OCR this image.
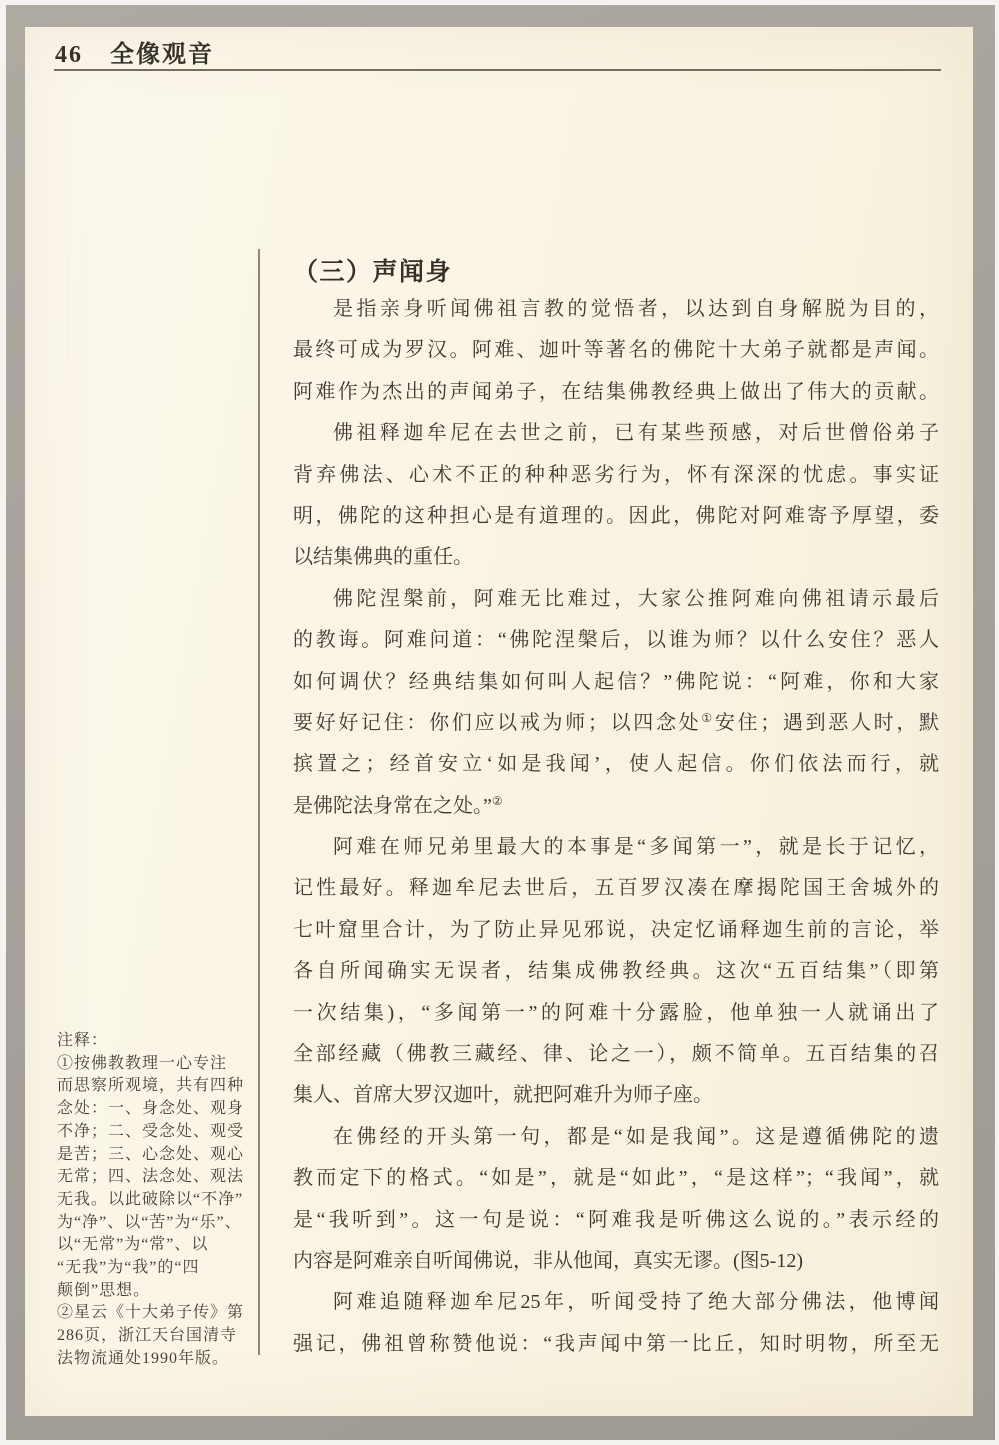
46 全像观音
（三）声闻身
是指亲身听闻佛祖言教的觉悟者，以达到自身解脱为目的，
最终可成为罗汉。阿难、迦叶等著名的佛陀十大弟子就都是声闻。
阿难作为杰出的声闻弟子，在结集佛教经典上做出了伟大的贡献。
佛祖释迦牟尼在去世之前，已有某些预感，对后世僧俗弟子
背弃佛法、心术不正的种种恶劣行为，怀有深深的忧虑。事实证
明，佛陀的这种担心是有道理的。因此，佛陀对阿难寄予厚望，委
以结集佛典的重任。
佛陀涅槃前，阿难无比难过，大家公推阿难向佛祖请示最后
的教诲。阿难问道：“佛陀涅槃后，以谁为师？以什么安住？恶人
如何调伏？经典结集如何叫人起信？”佛陀说：“阿难，你和大家
要好好记住：你们应以戒为师；以四念处①安住；遇到恶人时，默
摈置之；经首安立‘如是我闻’，使人起信。你们依法而行，就
是佛陀法身常在之处。”②
阿难在师兄弟里最大的本事是“多闻第一”，就是长于记忆，
记性最好。释迦牟尼去世后，五百罗汉凑在摩揭陀国王舍城外的
七叶窟里合计，为了防止异见邪说，决定忆诵释迦生前的言论，举
各自所闻确实无误者，结集成佛教经典。这次“五百结集”（即第
一次结集)，“多闻第一”的阿难十分露脸，他单独一人就诵出了
全部经藏（佛教三藏经、律、论之一），颇不简单。五百结集的召
集人、首席大罗汉迦叶，就把阿难升为师子座。
在佛经的开头第一句，都是“如是我闻”。这是遵循佛陀的遗
教而定下的格式。“如是”，就是“如此”，“是这样”；“我闻”，就
是“我听到”。这一句是说：“阿难我是听佛这么说的。”表示经的
内容是阿难亲自听闻佛说，非从他闻，真实无谬。(图5-12)
阿难追随释迦牟尼25年，听闻受持了绝大部分佛法，他博闻
强记，佛祖曾称赞他说：“我声闻中第一比丘，知时明物，所至无
注释：
①按佛教教理一心专注
而思察所观境，共有四种
念处：一、身念处、观身
不净；二、受念处、观受
是苦；三、心念处、观心
无常；四、法念处、观法
无我。以此破除以“不净”
为“净”、以“苦”为“乐”、
以“无常”为“常”、以
“无我”为“我”的“四
颠倒”思想。
②星云《十大弟子传》第
286页，浙江天台国清寺
法物流通处1990年版。
